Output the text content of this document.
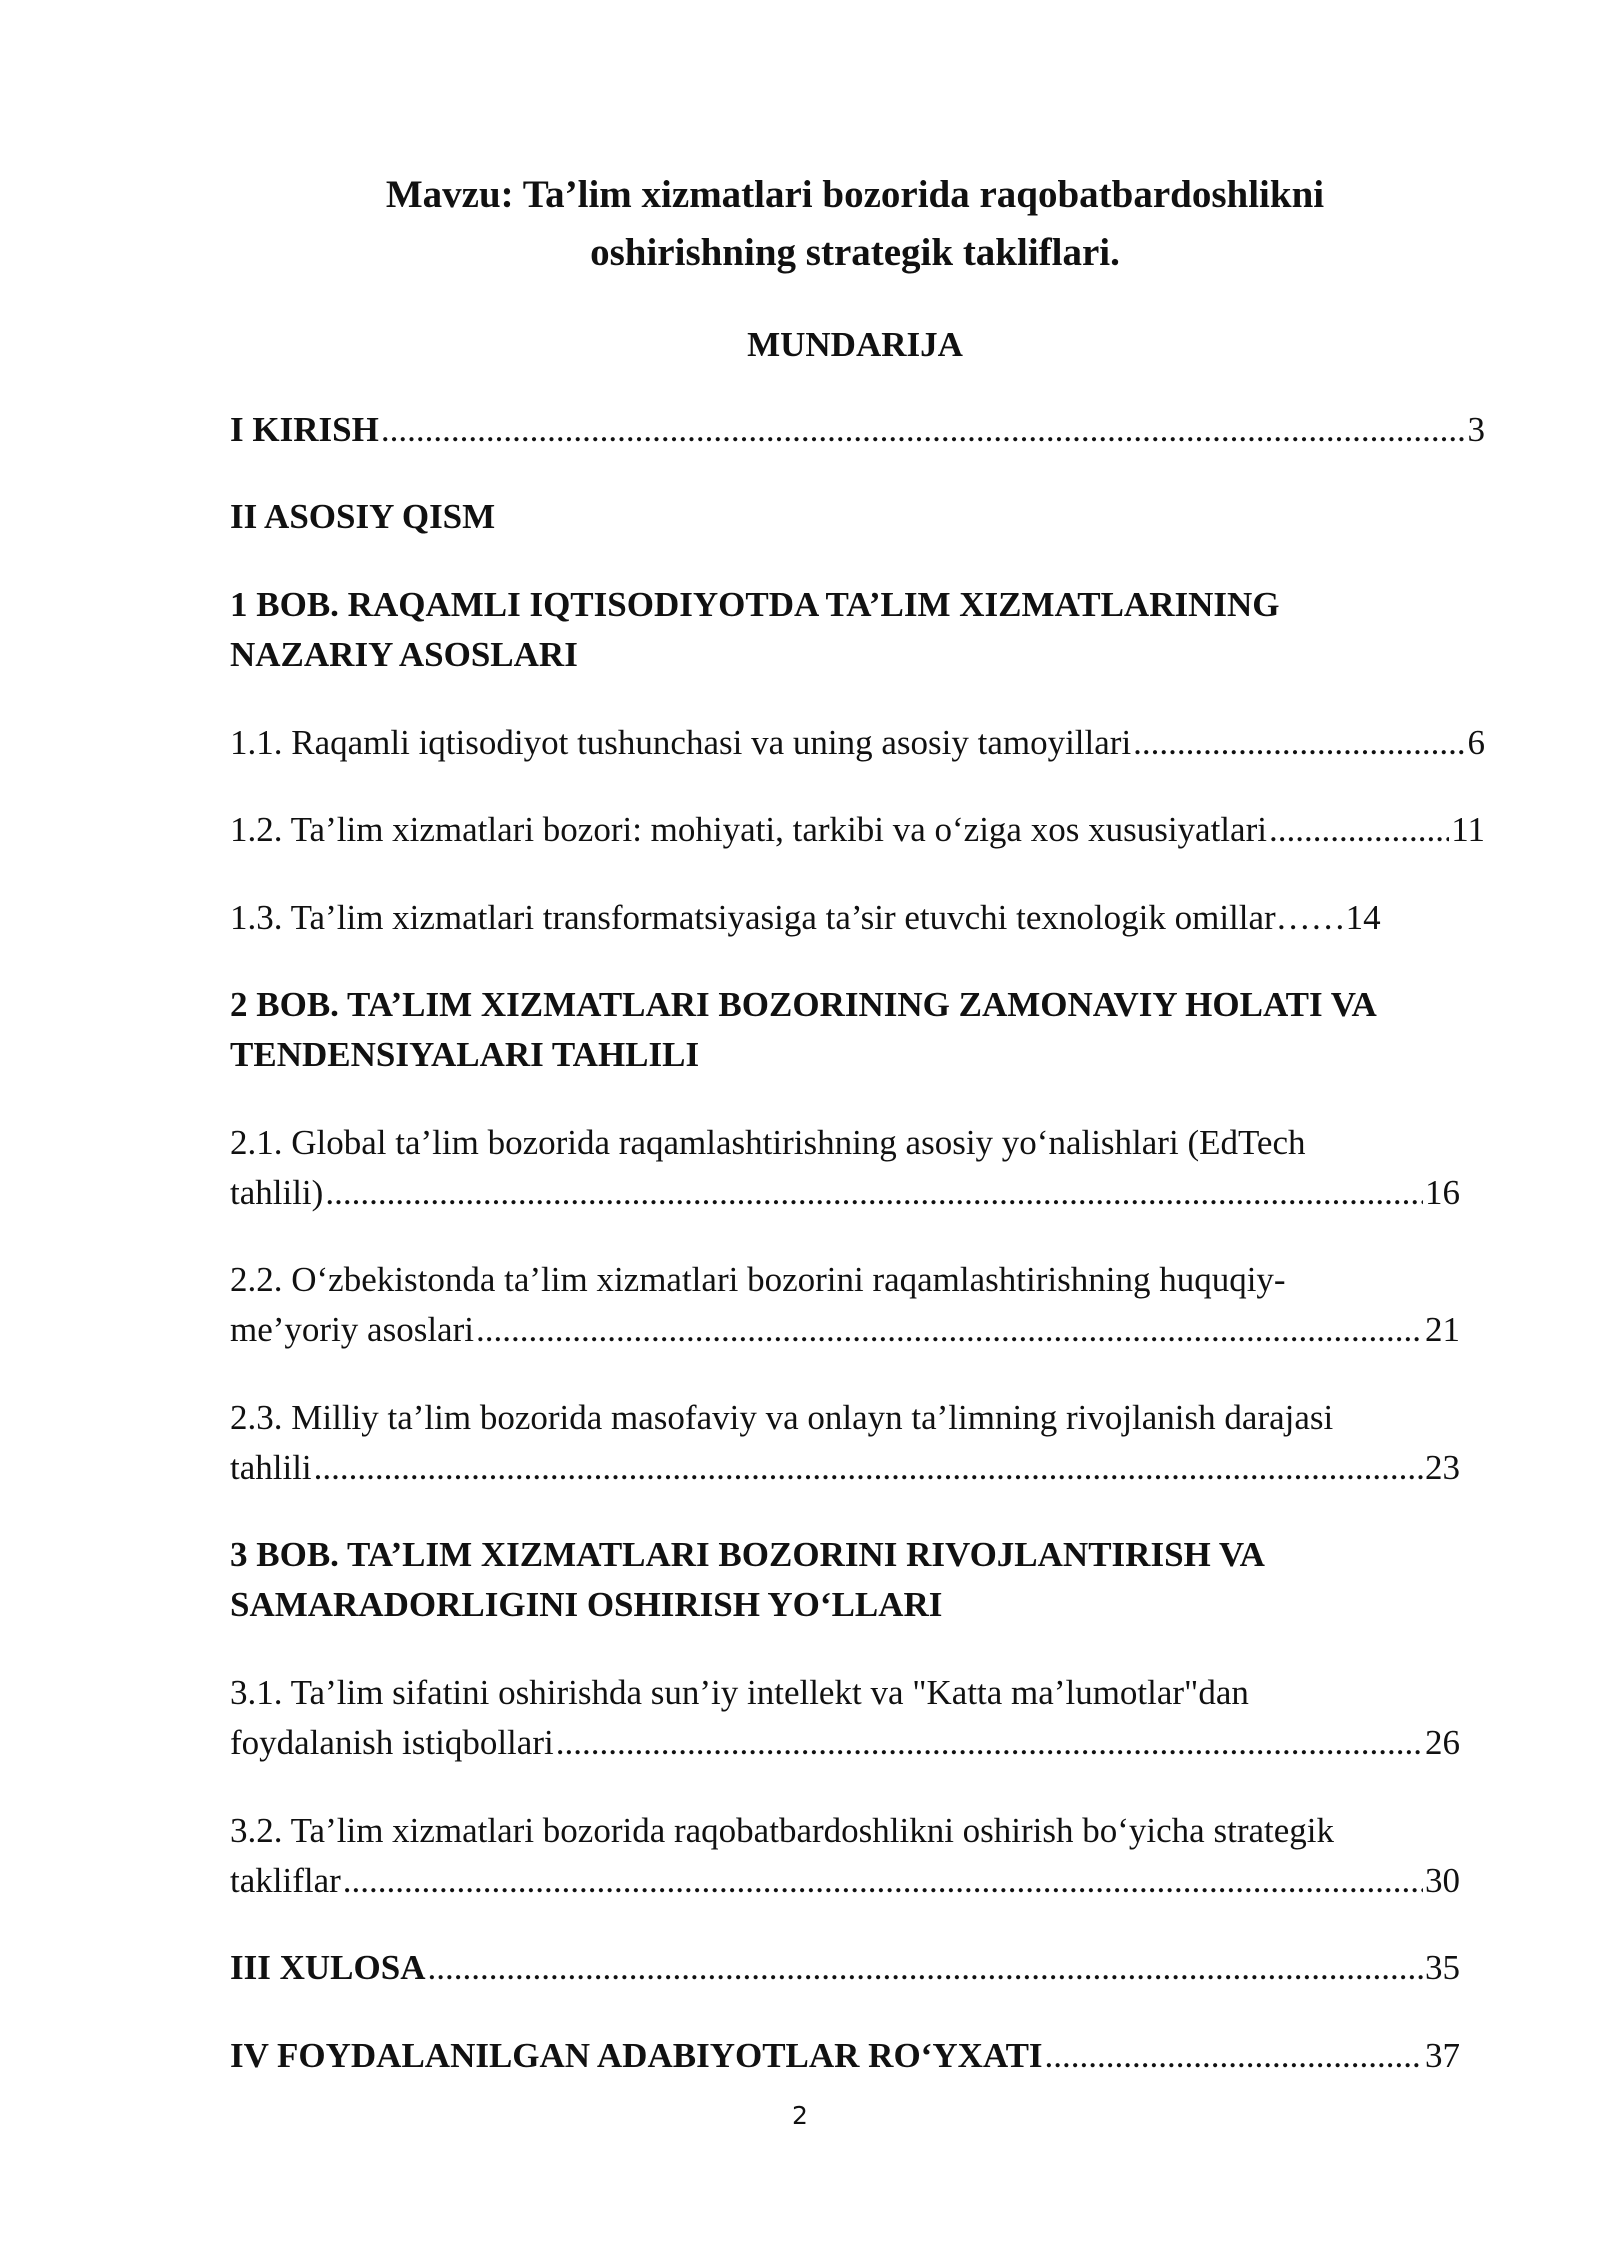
Mavzu: Ta’lim xizmatlari bozorida raqobatbardoshlikni
oshirishning strategik takliflari.
MUNDARIJA
I KIRISH .....	3
II ASOSIY QISM
1 BOB. RAQAMLI IQTISODIYOTDA TA’LIM XIZMATLARINING
NAZARIY ASOSLARI
1.1. Raqamli iqtisodiyot tushunchasi va uning asosiy tamoyillari .....	6
1.2. Ta’lim xizmatlari bozori: mohiyati, tarkibi va o‘ziga xos xususiyatlari .....	11
1.3. Ta’lim xizmatlari transformatsiyasiga ta’sir etuvchi texnologik omillar……14
2 BOB. TA’LIM XIZMATLARI BOZORINING ZAMONAVIY HOLATI VA
TENDENSIYALARI TAHLILI
2.1. Global ta’lim bozorida raqamlashtirishning asosiy yo‘nalishlari (EdTech
tahlili) .....	16
2.2. O‘zbekistonda ta’lim xizmatlari bozorini raqamlashtirishning huquqiy-
me’yoriy asoslari .....	21
2.3. Milliy ta’lim bozorida masofaviy va onlayn ta’limning rivojlanish darajasi
tahlili .....	23
3 BOB. TA’LIM XIZMATLARI BOZORINI RIVOJLANTIRISH VA
SAMARADORLIGINI OSHIRISH YO‘LLARI
3.1. Ta’lim sifatini oshirishda sun’iy intellekt va "Katta ma’lumotlar"dan
foydalanish istiqbollari .....	26
3.2. Ta’lim xizmatlari bozorida raqobatbardoshlikni oshirish bo‘yicha strategik
takliflar .....	30
III XULOSA .....	35
IV FOYDALANILGAN ADABIYOTLAR RO‘YXATI .....	37
2
